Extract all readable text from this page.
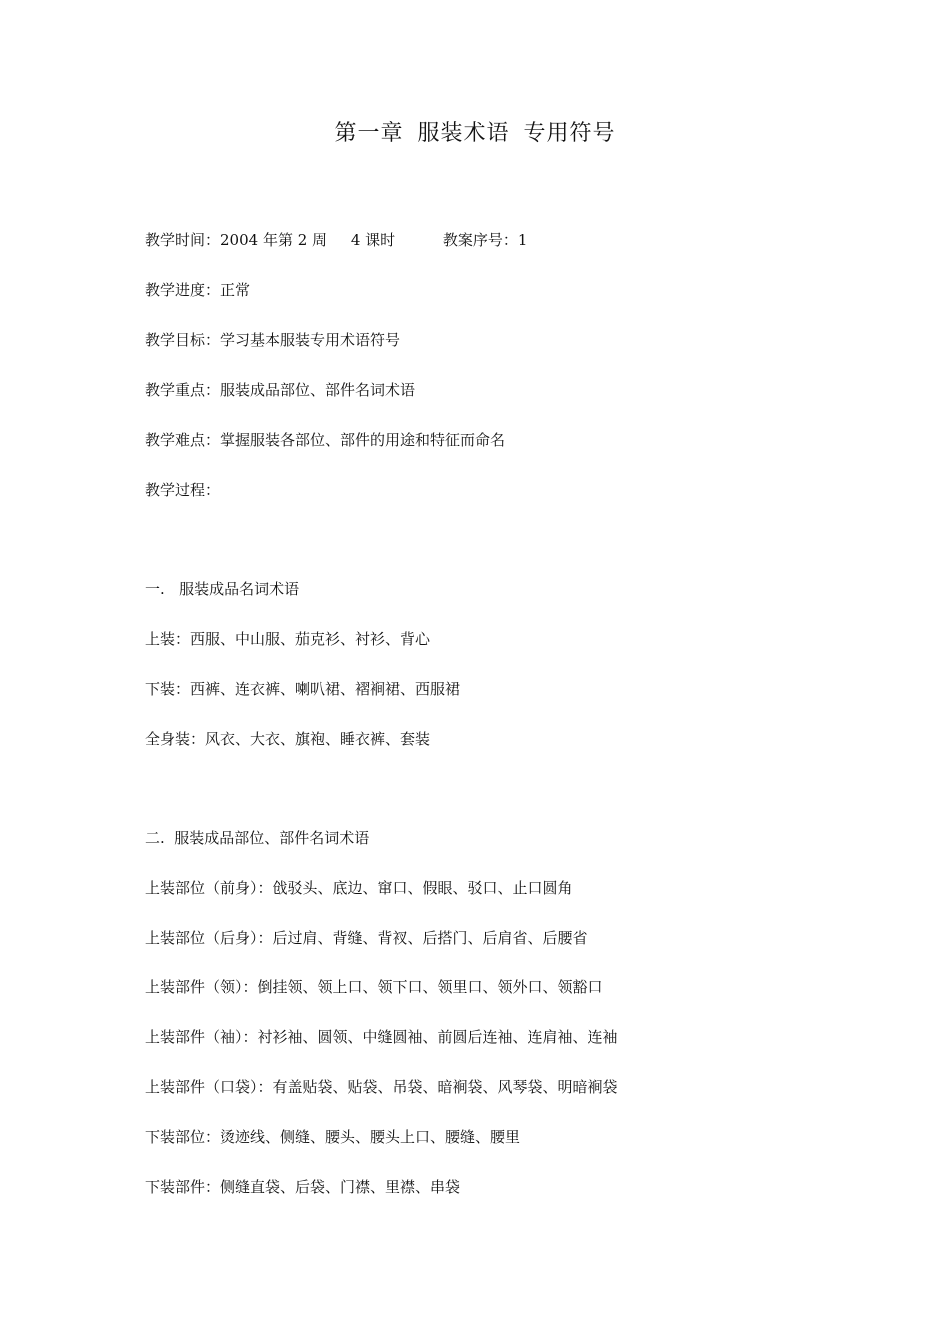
第一章 服装术语 专用符号
教学时间：2004 年第 2 周     4 课时          教案序号：1
教学进度：正常
教学目标：学习基本服装专用术语符号
教学重点：服装成品部位、部件名词术语
教学难点：掌握服装各部位、部件的用途和特征而命名
教学过程：
一.   服装成品名词术语
上装：西服、中山服、茄克衫、衬衫、背心
下装：西裤、连衣裤、喇叭裙、褶裥裙、西服裙
全身装：风衣、大衣、旗袍、睡衣裤、套装
二.  服装成品部位、部件名词术语
上装部位（前身）：戗驳头、底边、窜口、假眼、驳口、止口圆角
上装部位（后身）：后过肩、背缝、背衩、后搭门、后肩省、后腰省
上装部件（领）：倒挂领、领上口、领下口、领里口、领外口、领豁口
上装部件（袖）：衬衫袖、圆领、中缝圆袖、前圆后连袖、连肩袖、连袖
上装部件（口袋）：有盖贴袋、贴袋、吊袋、暗裥袋、风琴袋、明暗裥袋
下装部位：烫迹线、侧缝、腰头、腰头上口、腰缝、腰里
下装部件：侧缝直袋、后袋、门襟、里襟、串袋
